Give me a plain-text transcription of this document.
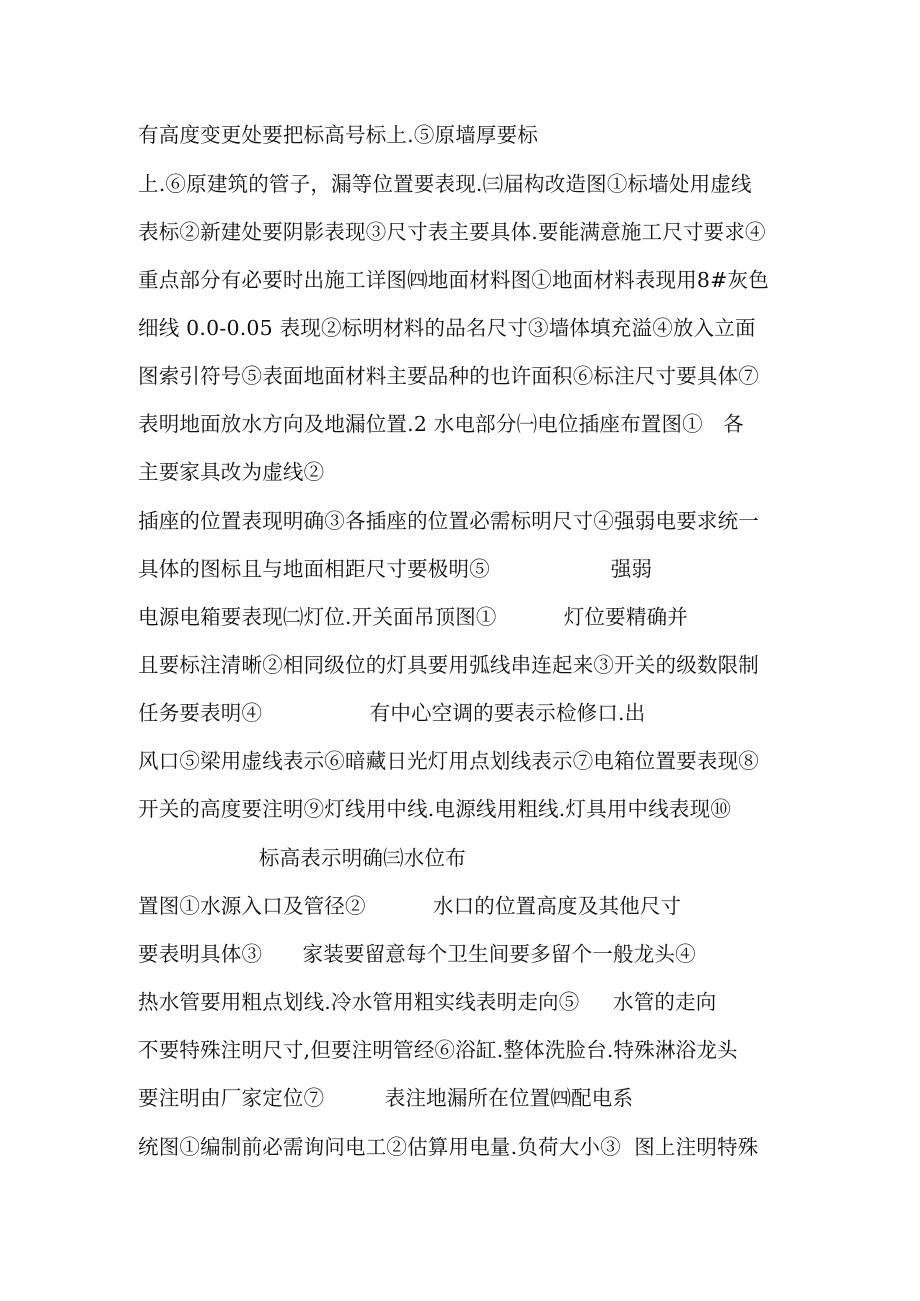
有高度变更处要把标高号标上.⑤原墙厚要标
上.⑥原建筑的管子，漏等位置要表现.㈢届构改造图①标墙处用虚线
表标②新建处要阴影表现③尺寸表主要具体.要能满意施工尺寸要求④
重点部分有必要时出施工详图㈣地面材料图①地面材料表现用8#灰色
细线 0.0-0.05 表现②标明材料的品名尺寸③墙体填充溢④放入立面
图索引符号⑤表面地面材料主要品种的也许面积⑥标注尺寸要具体⑦
表明地面放水方向及地漏位置.2 水电部分㈠电位插座布置图①   各
主要家具改为虚线②
插座的位置表现明确③各插座的位置必需标明尺寸④强弱电要求统一
具体的图标且与地面相距尺寸要极明⑤                  强弱
电源电箱要表现㈡灯位.开关面吊顶图①          灯位要精确并
且要标注清晰②相同级位的灯具要用弧线串连起来③开关的级数限制
任务要表明④                有中心空调的要表示检修口.出
风口⑤梁用虚线表示⑥暗藏日光灯用点划线表示⑦电箱位置要表现⑧
开关的高度要注明⑨灯线用中线.电源线用粗线.灯具用中线表现⑩
标高表示明确㈢水位布
置图①水源入口及管径②          水口的位置高度及其他尺寸
要表明具体③      家装要留意每个卫生间要多留个一般龙头④
热水管要用粗点划线.冷水管用粗实线表明走向⑤     水管的走向
不要特殊注明尺寸,但要注明管经⑥浴缸.整体洗脸台.特殊淋浴龙头
要注明由厂家定位⑦         表注地漏所在位置㈣配电系
统图①编制前必需询问电工②估算用电量.负荷大小③  图上注明特殊
